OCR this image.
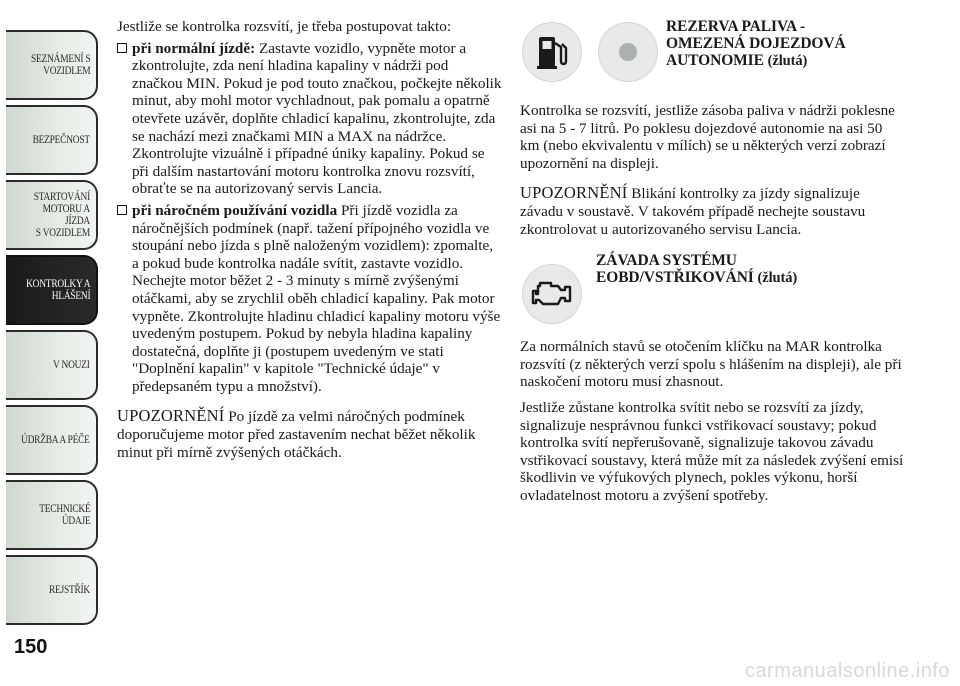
SEZNÁMENÍ S
VOZIDLEM
BEZPEČNOST
STARTOVÁNÍ
MOTORU A JÍZDA
S VOZIDLEM
KONTROLKY A
HLÁŠENÍ
V NOUZI
ÚDRŽBA A PÉČE
TECHNICKÉ
ÚDAJE
REJSTŘÍK
150

Jestliže se kontrolka rozsvítí, je třeba postupovat takto:

při normální jízdě: Zastavte vozidlo, vypněte motor a zkontrolujte, zda není hladina kapaliny v nádrži pod značkou MIN. Pokud je pod touto značkou, počkejte několik minut, aby mohl motor vychladnout, pak pomalu a opatrně otevřete uzávěr, doplňte chladicí kapalinu, zkontrolujte, zda se nachází mezi značkami MIN a MAX na nádržce. Zkontrolujte vizuálně i případné úniky kapaliny. Pokud se při dalším nastartování motoru kontrolka znovu rozsvítí, obraťte se na autorizovaný servis Lancia.
při náročném používání vozidla Při jízdě vozidla za náročnějších podmínek (např. tažení přípojného vozidla ve stoupání nebo jízda s plně naloženým vozidlem): zpomalte, a pokud bude kontrolka nadále svítit, zastavte vozidlo. Nechejte motor běžet 2 - 3 minuty s mírně zvýšenými otáčkami, aby se zrychlil oběh chladicí kapaliny. Pak motor vypněte. Zkontrolujte hladinu chladicí kapaliny motoru výše uvedeným postupem. Pokud by nebyla hladina kapaliny dostatečná, doplňte ji (postupem uvedeným ve stati "Doplnění kapalin" v kapitole "Technické údaje" v předepsaném typu a množství).

UPOZORNĚNÍ Po jízdě za velmi náročných podmínek doporučujeme motor před zastavením nechat běžet několik minut při mírně zvýšených otáčkách.

REZERVA PALIVA -
OMEZENÁ DOJEZDOVÁ
AUTONOMIE (žlutá)

Kontrolka se rozsvítí, jestliže zásoba paliva v nádrži poklesne asi na 5 - 7 litrů. Po poklesu dojezdové autonomie na asi 50 km (nebo ekvivalentu v mílích) se u některých verzí zobrazí upozornění na displeji.

UPOZORNĚNÍ Blikání kontrolky za jízdy signalizuje závadu v soustavě. V takovém případě nechejte soustavu zkontrolovat u autorizovaného servisu Lancia.

ZÁVADA SYSTÉMU
EOBD/VSTŘIKOVÁNÍ (žlutá)

Za normálních stavů se otočením klíčku na MAR kontrolka rozsvítí (z některých verzí spolu s hlášením na displeji), ale při naskočení motoru musí zhasnout.

Jestliže zůstane kontrolka svítit nebo se rozsvítí za jízdy, signalizuje nesprávnou funkci vstřikovací soustavy; pokud kontrolka svítí nepřerušovaně, signalizuje takovou závadu vstřikovací soustavy, která může mít za následek zvýšení emisí škodlivin ve výfukových plynech, pokles výkonu, horší ovladatelnost motoru a zvýšení spotřeby.

carmanualsonline.info
